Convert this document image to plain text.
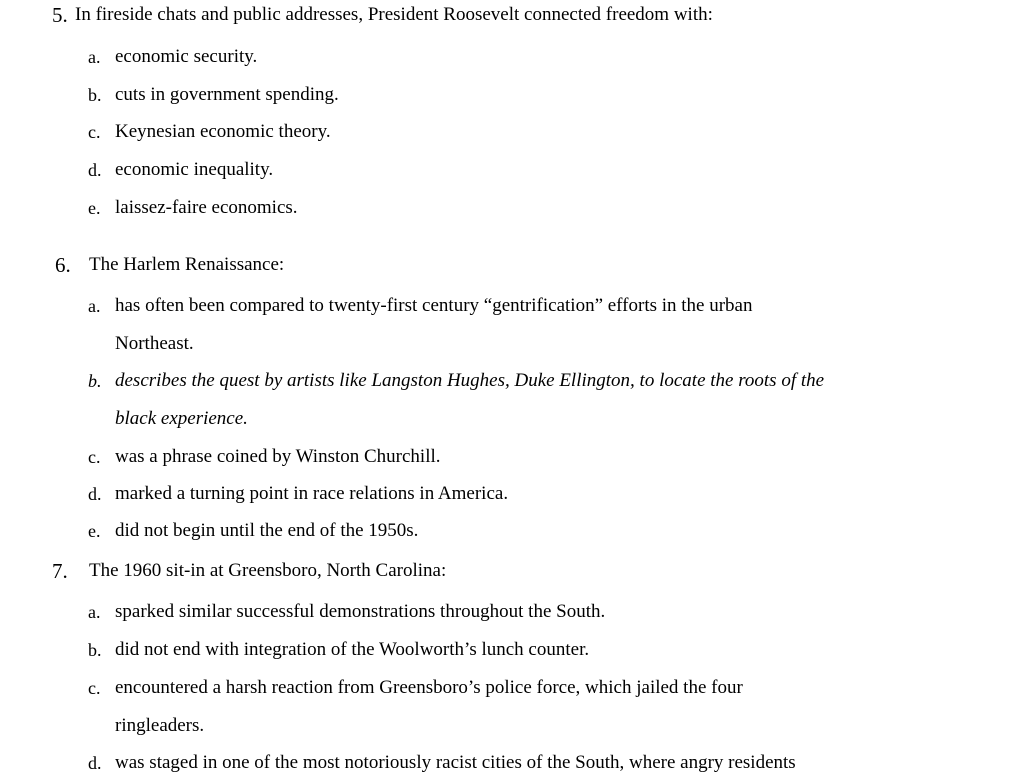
5. In fireside chats and public addresses, President Roosevelt connected freedom with:
a. economic security.
b. cuts in government spending.
c. Keynesian economic theory.
d. economic inequality.
e. laissez-faire economics.
6. The Harlem Renaissance:
a. has often been compared to twenty-first century “gentrification” efforts in the urban
Northeast.
b. describes the quest by artists like Langston Hughes, Duke Ellington, to locate the roots of the
black experience.
c. was a phrase coined by Winston Churchill.
d. marked a turning point in race relations in America.
e. did not begin until the end of the 1950s.
7. The 1960 sit-in at Greensboro, North Carolina:
a. sparked similar successful demonstrations throughout the South.
b. did not end with integration of the Woolworth’s lunch counter.
c. encountered a harsh reaction from Greensboro’s police force, which jailed the four
ringleaders.
d. was staged in one of the most notoriously racist cities of the South, where angry residents
